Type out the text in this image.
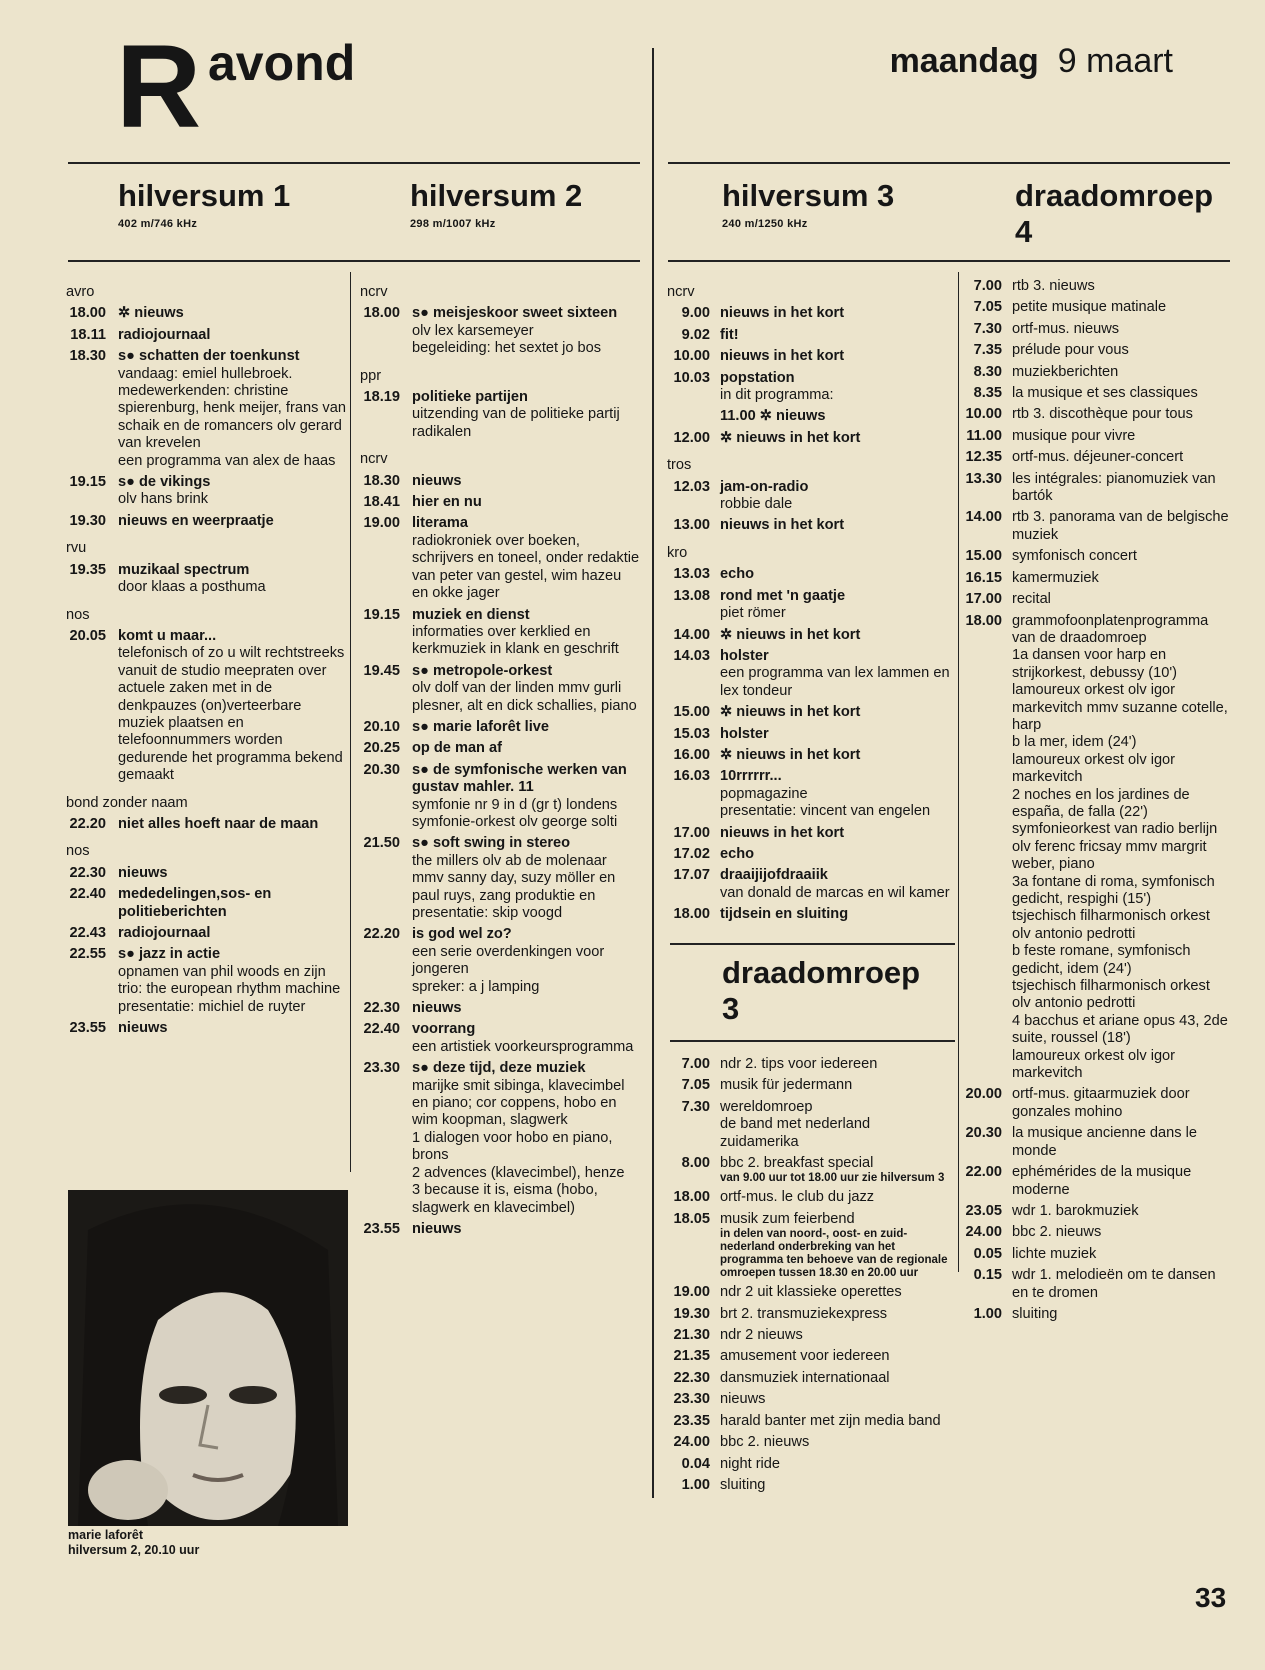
R avond	maandag 9 maart
hilversum 1
402 m/746 kHz
hilversum 2
298 m/1007 kHz
hilversum 3
240 m/1250 kHz
draadomroep
4
draadomroep
3
avro
18.00 ✲ nieuws
18.11 radiojournaal
18.30 s● schatten der toenkunst
vandaag: emiel hullebroek. medewerkenden: christine spierenburg, henk meijer, frans van schaik en de romancers olv gerard van krevelen
een programma van alex de haas
19.15 s● de vikings
olv hans brink
19.30 nieuws en weerpraatje
rvu
19.35 muzikaal spectrum
door klaas a posthuma
nos
20.05 komt u maar...
telefonisch of zo u wilt rechtstreeks vanuit de studio meepraten over actuele zaken met in de denkpauzes (on)verteerbare muziek plaatsen en telefoonnummers worden gedurende het programma bekend gemaakt
bond zonder naam
22.20 niet alles hoeft naar de maan
nos
22.30 nieuws
22.40 mededelingen,sos- en politieberichten
22.43 radiojournaal
22.55 s● jazz in actie
opnamen van phil woods en zijn trio: the european rhythm machine
presentatie: michiel de ruyter
23.55 nieuws
ncrv
18.00 s● meisjeskoor sweet sixteen
olv lex karsemeyer
begeleiding: het sextet jo bos
ppr
18.19 politieke partijen
uitzending van de politieke partij radikalen
ncrv
18.30 nieuws
18.41 hier en nu
19.00 literama
radiokroniek over boeken, schrijvers en toneel, onder redaktie van peter van gestel, wim hazeu en okke jager
19.15 muziek en dienst
informaties over kerklied en kerkmuziek in klank en geschrift
19.45 s● metropole-orkest
olv dolf van der linden mmv gurli plesner, alt en dick schallies, piano
20.10 s● marie laforêt live
20.25 op de man af
20.30 s● de symfonische werken van gustav mahler. 11
symfonie nr 9 in d (gr t) londens symfonie-orkest olv george solti
21.50 s● soft swing in stereo
the millers olv ab de molenaar mmv sanny day, suzy möller en paul ruys, zang produktie en presentatie: skip voogd
22.20 is god wel zo?
een serie overdenkingen voor jongeren
spreker: a j lamping
22.30 nieuws
22.40 voorrang
een artistiek voorkeursprogramma
23.30 s● deze tijd, deze muziek
marijke smit sibinga, klavecimbel en piano; cor coppens, hobo en wim koopman, slagwerk
1 dialogen voor hobo en piano, brons
2 advences (klavecimbel), henze
3 because it is, eisma (hobo, slagwerk en klavecimbel)
23.55 nieuws
ncrv
9.00 nieuws in het kort
9.02 fit!
10.00 nieuws in het kort
10.03 popstation
in dit programma:
11.00 ✲ nieuws
12.00 ✲ nieuws in het kort
tros
12.03 jam-on-radio
robbie dale
13.00 nieuws in het kort
kro
13.03 echo
13.08 rond met 'n gaatje
piet römer
14.00 ✲ nieuws in het kort
14.03 holster
een programma van lex lammen en lex tondeur
15.00 ✲ nieuws in het kort
15.03 holster
16.00 ✲ nieuws in het kort
16.03 10rrrrrr...
popmagazine
presentatie: vincent van engelen
17.00 nieuws in het kort
17.02 echo
17.07 draaijijofdraaiik
van donald de marcas en wil kamer
18.00 tijdsein en sluiting
7.00 ndr 2. tips voor iedereen
7.05 musik für jedermann
7.30 wereldomroep
de band met nederland zuidamerika
8.00 bbc 2. breakfast special
van 9.00 uur tot 18.00 uur zie hilversum 3
18.00 ortf-mus. le club du jazz
18.05 musik zum feierbend
in delen van noord-, oost- en zuid-nederland onderbreking van het programma ten behoeve van de regionale omroepen tussen 18.30 en 20.00 uur
19.00 ndr 2 uit klassieke operettes
19.30 brt 2. transmuziekexpress
21.30 ndr 2 nieuws
21.35 amusement voor iedereen
22.30 dansmuziek internationaal
23.30 nieuws
23.35 harald banter met zijn media band
24.00 bbc 2. nieuws
0.04 night ride
1.00 sluiting
7.00 rtb 3. nieuws
7.05 petite musique matinale
7.30 ortf-mus. nieuws
7.35 prélude pour vous
8.30 muziekberichten
8.35 la musique et ses classiques
10.00 rtb 3. discothèque pour tous
11.00 musique pour vivre
12.35 ortf-mus. déjeuner-concert
13.30 les intégrales: pianomuziek van bartók
14.00 rtb 3. panorama van de belgische muziek
15.00 symfonisch concert
16.15 kamermuziek
17.00 recital
18.00 grammofoonplatenprogramma van de draadomroep
1a dansen voor harp en strijkorkest, debussy (10')
lamoureux orkest olv igor markevitch mmv suzanne cotelle, harp
b la mer, idem (24')
lamoureux orkest olv igor markevitch
2 noches en los jardines de españa, de falla (22')
symfonieorkest van radio berlijn olv ferenc fricsay mmv margrit weber, piano
3a fontane di roma, symfonisch gedicht, respighi (15')
tsjechisch filharmonisch orkest olv antonio pedrotti
b feste romane, symfonisch gedicht, idem (24')
tsjechisch filharmonisch orkest olv antonio pedrotti
4 bacchus et ariane opus 43, 2de suite, roussel (18')
lamoureux orkest olv igor markevitch
20.00 ortf-mus. gitaarmuziek door gonzales mohino
20.30 la musique ancienne dans le monde
22.00 ephémérides de la musique moderne
23.05 wdr 1. barokmuziek
24.00 bbc 2. nieuws
0.05 lichte muziek
0.15 wdr 1. melodieën om te dansen en te dromen
1.00 sluiting
marie laforêt
hilversum 2, 20.10 uur
33
